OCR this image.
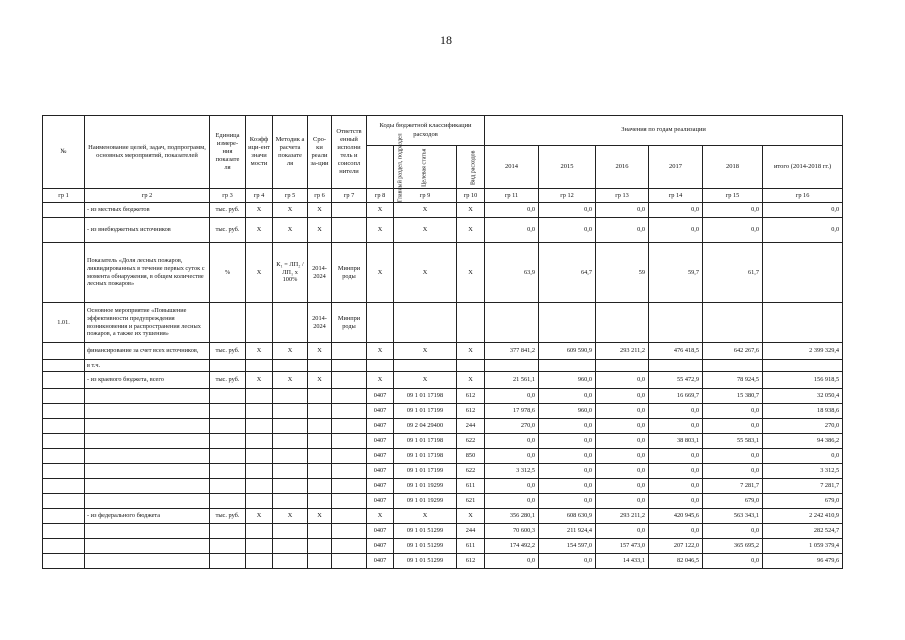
18
№	Наименование целей, задач, подпрограмм, основных мероприятий, показателей	Единица измере-ния показате ля	Коэфф ици-ент значи мости	Методик а расчета показате ля	Сро-ки реали за-ции	Ответств енный исполни тель и соисопл нители	Коды бюджетной классификации расходов			Значения по годам реализации					
							Главный раздел, подраздел	Целевая статья	Вид расходов	2014	2015	2016	2017	2018	итого (2014-2018 гг.)
гр 1	гр 2	гр 3	гр 4	гр 5	гр 6	гр 7	гр 8	гр 9	гр 10	гр 11	гр 12	гр 13	гр 14	гр 15	гр 16
	- из местных бюджетов	тыс. руб.	Х	Х	Х		Х	Х	Х	0,0	0,0	0,0	0,0	0,0	0,0
	- из внебюджетных источников	тыс. руб.	Х	Х	Х		Х	Х	Х	0,0	0,0	0,0	0,0	0,0	0,0
	Показатель «Доля лесных пожаров, ликвидированных в течение первых суток с момента обнаружения, в общем количестве лесных пожаров»	%	Х	К₁ = ЛП₂ / ЛП₁ х 100%	2014-2024	Минпри роды	Х	Х	Х	63,9	64,7	59	59,7	61,7	
1.01.	Основное мероприятие «Повышение эффективности предупреждения возникновения и распространения лесных пожаров, а также их тушения»				2014-2024	Минпри роды									
	финансирование за счет всех источников,	тыс. руб.	Х	Х	Х		Х	Х	Х	377 841,2	609 590,9	293 211,2	476 418,5	642 267,6	2 399 329,4
	в т.ч.														
	- из краевого бюджета, всего	тыс. руб.	Х	Х	Х		Х	Х	Х	21 561,1	960,0	0,0	55 472,9	78 924,5	156 918,5
							0407	09 1 01 17198	612	0,0	0,0	0,0	16 669,7	15 380,7	32 050,4
							0407	09 1 01 17199	612	17 978,6	960,0	0,0	0,0	0,0	18 938,6
							0407	09 2 04 29400	244	270,0	0,0	0,0	0,0	0,0	270,0
							0407	09 1 01 17198	622	0,0	0,0	0,0	38 803,1	55 583,1	94 386,2
							0407	09 1 01 17198	850	0,0	0,0	0,0	0,0	0,0	0,0
							0407	09 1 01 17199	622	3 312,5	0,0	0,0	0,0	0,0	3 312,5
							0407	09 1 01 19299	611	0,0	0,0	0,0	0,0	7 281,7	7 281,7
							0407	09 1 01 19299	621	0,0	0,0	0,0	0,0	679,0	679,0
	- из федерального бюджета	тыс. руб.	Х	Х	Х		Х	Х	Х	356 280,1	608 630,9	293 211,2	420 945,6	563 343,1	2 242 410,9
							0407	09 1 01 51299	244	70 600,3	211 924,4	0,0	0,0	0,0	282 524,7
							0407	09 1 01 51299	611	174 492,2	154 597,0	157 473,0	207 122,0	365 695,2	1 059 379,4
							0407	09 1 01 51299	612	0,0	0,0	14 433,1	82 046,5	0,0	96 479,6
